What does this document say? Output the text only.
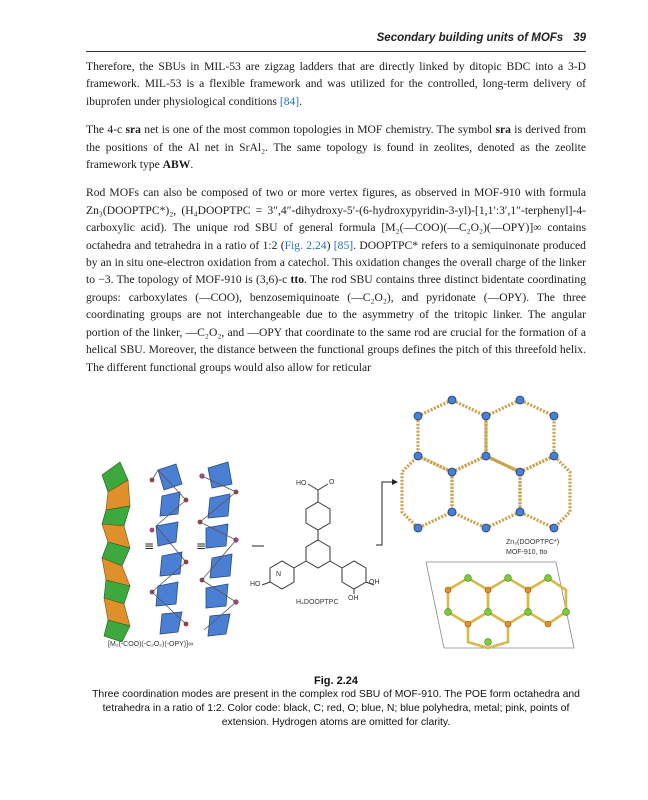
Secondary building units of MOFs 39

Therefore, the SBUs in MIL-53 are zigzag ladders that are directly linked by ditopic BDC into a 3-D framework. MIL-53 is a flexible framework and was utilized for the controlled, long-term delivery of ibuprofen under physiological conditions [84].

The 4-c sra net is one of the most common topologies in MOF chemistry. The symbol sra is derived from the positions of the Al net in SrAl₂. The same topology is found in zeolites, denoted as the zeolite framework type ABW.

Rod MOFs can also be composed of two or more vertex figures, as observed in MOF-910 with formula Zn₃(DOOPTPC*)₂, (H₄DOOPTPC = 3″,4″-dihydroxy-5′-(6-hydroxypyridin-3-yl)-[1,1′:3′,1″-terphenyl]-4-carboxylic acid). The unique rod SBU of general formula [M₂(—COO)(—C₂O₂)(—OPY)]∞ contains octahedra and tetrahedra in a ratio of 1:2 (Fig. 2.24) [85]. DOOPTPC* refers to a semiquinonate produced by an in situ one-electron oxidation from a catechol. This oxidation changes the overall charge of the linker to −3. The topology of MOF-910 is (3,6)-c tto. The rod SBU contains three distinct bidentate coordinating groups: carboxylates (—COO), benzosemiquinoate (—C₂O₂), and pyridonate (—OPY). The three coordinating groups are not interchangeable due to the asymmetry of the tritopic linker. The angular portion of the linker, —C₂O₂, and —OPY that coordinate to the same rod are crucial for the formation of a helical SBU. Moreover, the distance between the functional groups defines the pitch of this threefold helix. The different functional groups would also allow for reticular

[M₂(-COO)(-C₂O₂)(-OPY)]∞
≡	≡
HO	O
HO
N
OH
OH
H₄DOOPTPC
Zn₃(DOOPTPC*)
MOF-910, tto
Fig. 2.24
Three coordination modes are present in the complex rod SBU of MOF-910. The POE form octahedra and tetrahedra in a ratio of 1:2. Color code: black, C; red, O; blue, N; blue polyhedra, metal; pink, points of extension. Hydrogen atoms are omitted for clarity.
